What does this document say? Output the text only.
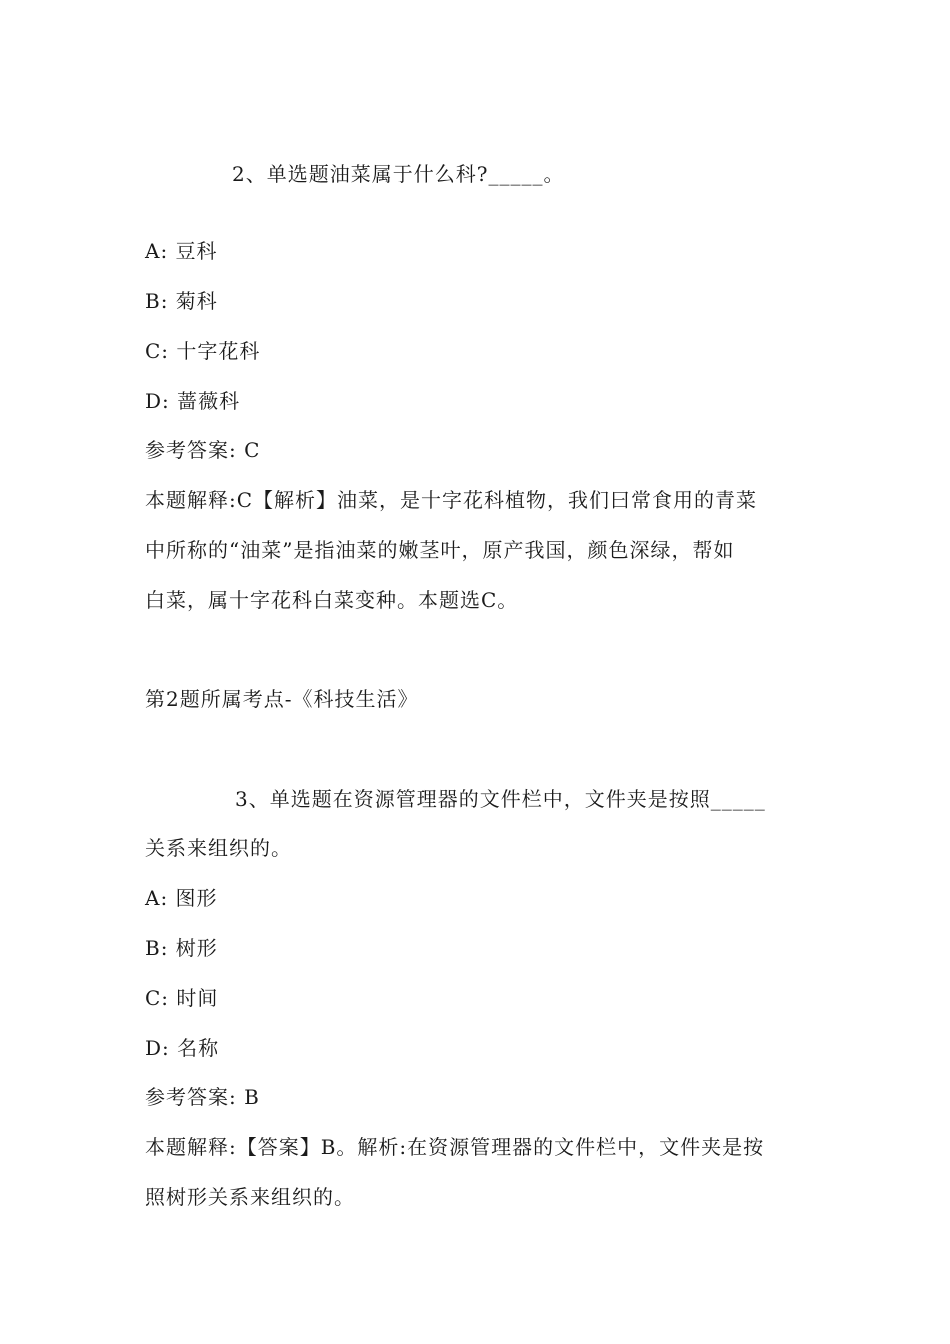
2、单选题油菜属于什么科?_____。
A: 豆科
B: 菊科
C: 十字花科
D: 蔷薇科
参考答案: C
本题解释:C【解析】油菜，是十字花科植物，我们曰常食用的青菜
中所称的“油菜”是指油菜的嫩茎叶，原产我国，颜色深绿，帮如
白菜，属十字花科白菜变种。本题选C。
第2题所属考点-《科技生活》
3、单选题在资源管理器的文件栏中，文件夹是按照_____
关系来组织的。
A: 图形
B: 树形
C: 时间
D: 名称
参考答案: B
本题解释:【答案】B。解析:在资源管理器的文件栏中，文件夹是按
照树形关系来组织的。
